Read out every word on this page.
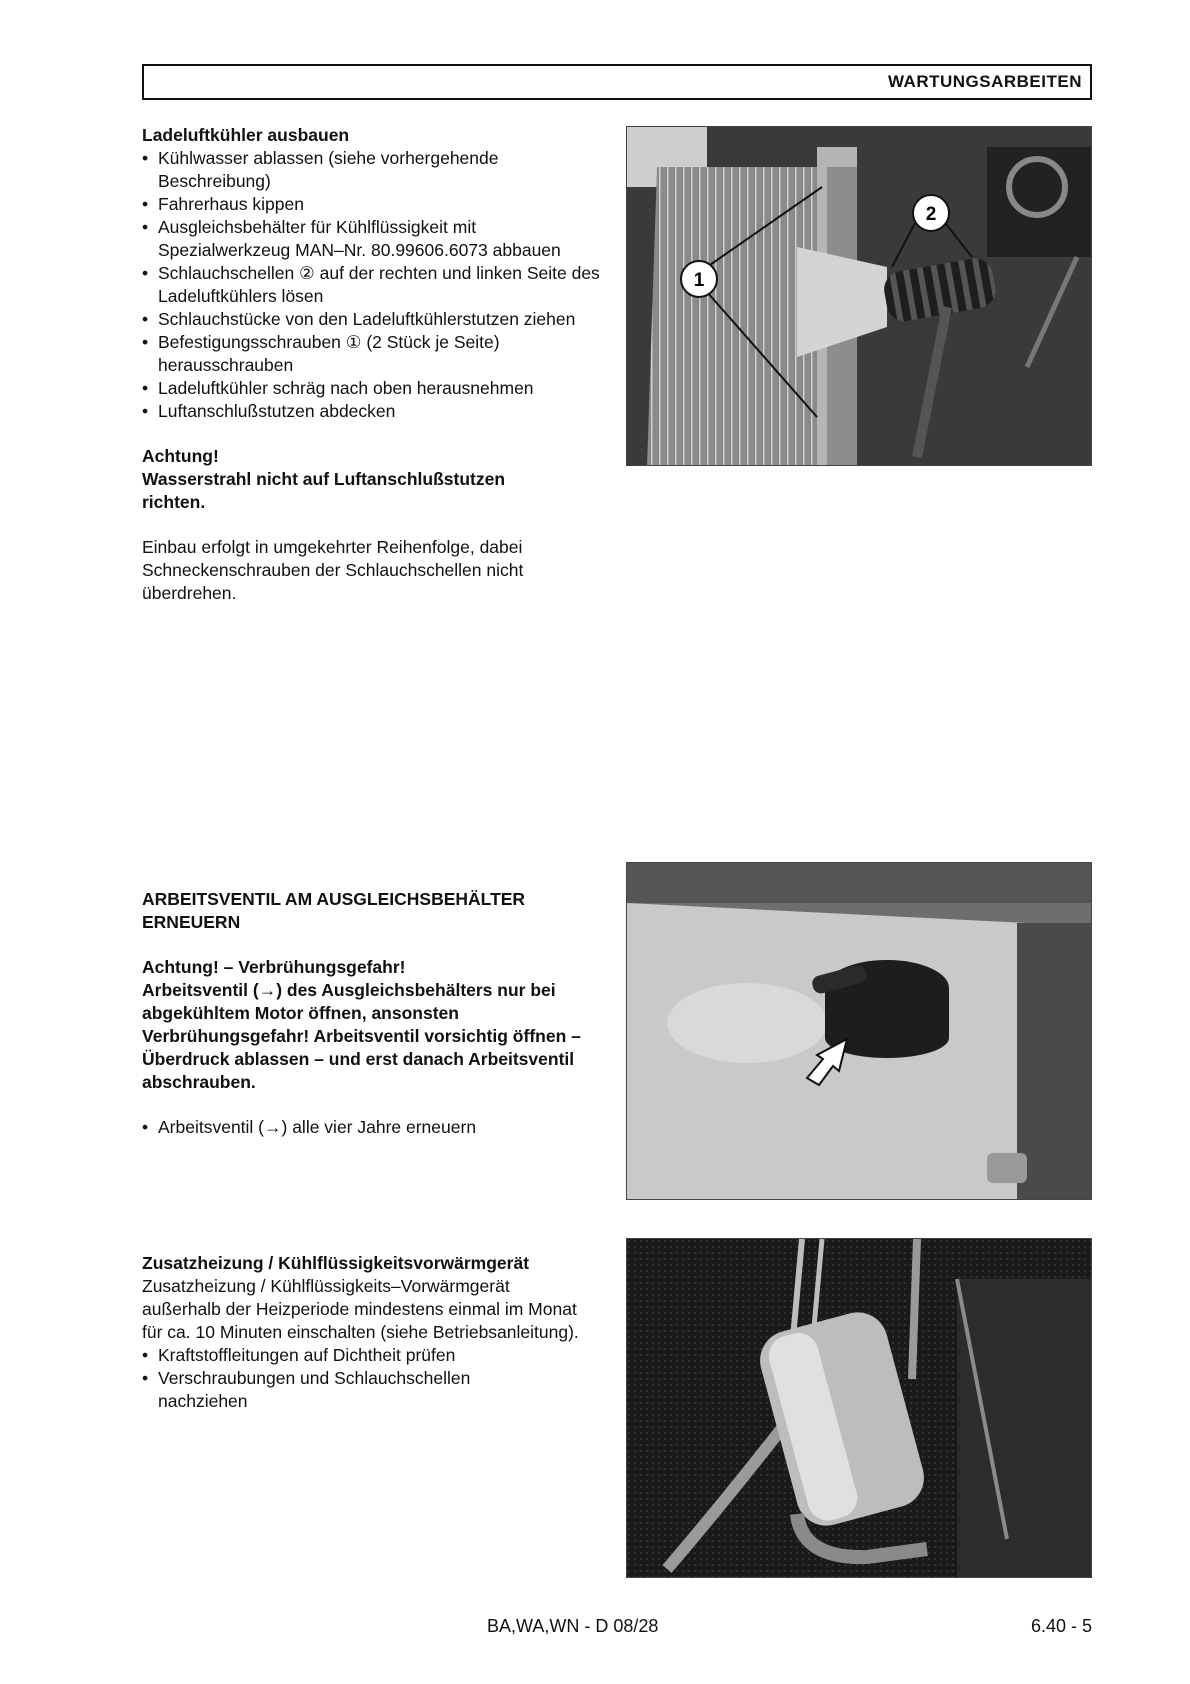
WARTUNGSARBEITEN
Ladeluftkühler ausbauen
• Kühlwasser ablassen (siehe vorhergehende Beschreibung)
• Fahrerhaus kippen
• Ausgleichsbehälter für Kühlflüssigkeit mit Spezialwerkzeug MAN–Nr. 80.99606.6073 abbauen
• Schlauchschellen ② auf der rechten und linken Seite des Ladeluftkühlers lösen
• Schlauchstücke von den Ladeluftkühlerstutzen ziehen
• Befestigungsschrauben ① (2 Stück je Seite) herausschrauben
• Ladeluftkühler schräg nach oben herausnehmen
• Luftanschlußstutzen abdecken
Achtung!
Wasserstrahl nicht auf Luftanschlußstutzen richten.

Einbau erfolgt in umgekehrter Reihenfolge, dabei Schneckenschrauben der Schlauchschellen nicht überdrehen.

1
2
ARBEITSVENTIL AM AUSGLEICHSBEHÄLTER ERNEUERN
Achtung! – Verbrühungsgefahr!
Arbeitsventil (→) des Ausgleichsbehälters nur bei abgekühltem Motor öffnen, ansonsten Verbrühungsgefahr! Arbeitsventil vorsichtig öffnen – Überdruck ablassen – und erst danach Arbeitsventil abschrauben.
• Arbeitsventil (→) alle vier Jahre erneuern
Zusatzheizung / Kühlflüssigkeitsvorwärmgerät

Zusatzheizung / Kühlflüssigkeits–Vorwärmgerät außerhalb der Heizperiode mindestens einmal im Monat für ca. 10 Minuten einschalten (siehe Betriebsanleitung).

• Kraftstoffleitungen auf Dichtheit prüfen
• Verschraubungen und Schlauchschellen nachziehen
BA,WA,WN - D 08/28	6.40 - 5
